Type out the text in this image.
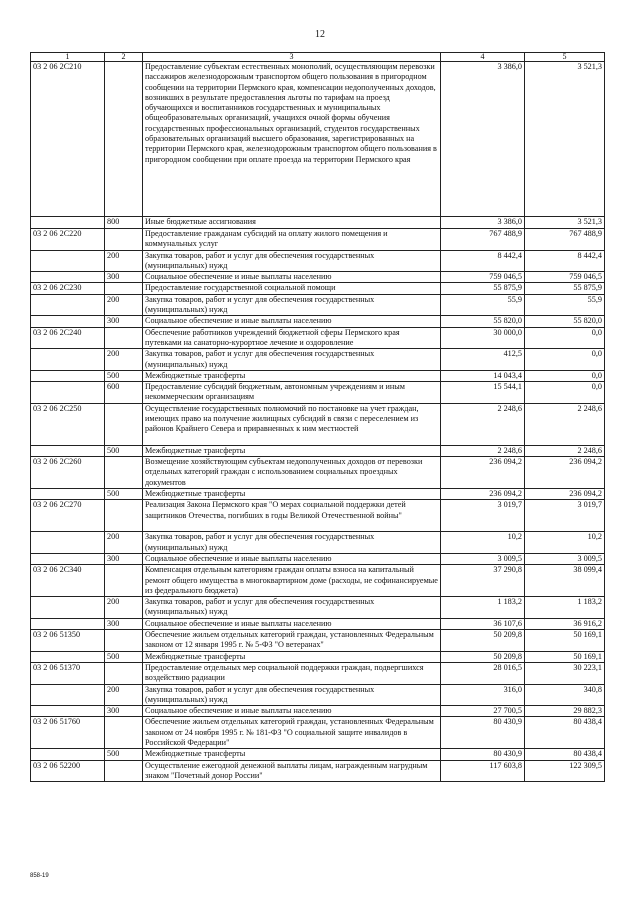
12
1	2	3	4	5
03 2 06 2С210		Предоставление субъектам естественных монополий, осуществляющим перевозки пассажиров железнодорожным транспортом общего пользования в пригородном сообщении на территории Пермского края, компенсации недополученных доходов, возникших в результате предоставления льготы по тарифам на проезд обучающихся и воспитанников государственных и муниципальных общеобразовательных организаций, учащихся очной формы обучения государственных профессиональных организаций, студентов государственных образовательных организаций высшего образования, зарегистрированных на территории Пермского края, железнодорожным транспортом общего пользования в пригородном сообщении при оплате проезда на территории Пермского края	3 386,0	3 521,3
	800	Иные бюджетные ассигнования	3 386,0	3 521,3
03 2 06 2С220		Предоставление гражданам субсидий на оплату жилого помещения и коммунальных услуг	767 488,9	767 488,9
	200	Закупка товаров, работ и услуг для обеспечения государственных (муниципальных) нужд	8 442,4	8 442,4
	300	Социальное обеспечение и иные выплаты населению	759 046,5	759 046,5
03 2 06 2С230		Предоставление государственной социальной помощи	55 875,9	55 875,9
	200	Закупка товаров, работ и услуг для обеспечения государственных (муниципальных) нужд	55,9	55,9
	300	Социальное обеспечение и иные выплаты населению	55 820,0	55 820,0
03 2 06 2С240		Обеспечение работников учреждений бюджетной сферы Пермского края путевками на санаторно-курортное лечение и оздоровление	30 000,0	0,0
	200	Закупка товаров, работ и услуг для обеспечения государственных (муниципальных) нужд	412,5	0,0
	500	Межбюджетные трансферты	14 043,4	0,0
	600	Предоставление субсидий бюджетным, автономным учреждениям и иным некоммерческим организациям	15 544,1	0,0
03 2 06 2С250		Осуществление государственных полномочий по постановке на учет граждан, имеющих право на получение жилищных субсидий в связи с переселением из районов Крайнего Севера и приравненных к ним местностей	2 248,6	2 248,6
	500	Межбюджетные трансферты	2 248,6	2 248,6
03 2 06 2С260		Возмещение хозяйствующим субъектам недополученных доходов от перевозки отдельных категорий граждан с использованием социальных проездных документов	236 094,2	236 094,2
	500	Межбюджетные трансферты	236 094,2	236 094,2
03 2 06 2С270		Реализация Закона Пермского края "О мерах социальной поддержки детей защитников Отечества, погибших в годы Великой Отечественной войны"	3 019,7	3 019,7
	200	Закупка товаров, работ и услуг для обеспечения государственных (муниципальных) нужд	10,2	10,2
	300	Социальное обеспечение и иные выплаты населению	3 009,5	3 009,5
03 2 06 2С340		Компенсация отдельным категориям граждан оплаты взноса на капитальный ремонт общего имущества в многоквартирном доме (расходы, не софинансируемые из федерального бюджета)	37 290,8	38 099,4
	200	Закупка товаров, работ и услуг для обеспечения государственных (муниципальных) нужд	1 183,2	1 183,2
	300	Социальное обеспечение и иные выплаты населению	36 107,6	36 916,2
03 2 06 51350		Обеспечение жильем отдельных категорий граждан, установленных Федеральным законом от 12 января 1995 г. № 5-ФЗ "О ветеранах"	50 209,8	50 169,1
	500	Межбюджетные трансферты	50 209,8	50 169,1
03 2 06 51370		Предоставление отдельных мер социальной поддержки граждан, подвергшихся воздействию радиации	28 016,5	30 223,1
	200	Закупка товаров, работ и услуг для обеспечения государственных (муниципальных) нужд	316,0	340,8
	300	Социальное обеспечение и иные выплаты населению	27 700,5	29 882,3
03 2 06 51760		Обеспечение жильем отдельных категорий граждан, установленных Федеральным законом от 24 ноября 1995 г. № 181-ФЗ "О социальной защите инвалидов в Российской Федерации"	80 430,9	80 438,4
	500	Межбюджетные трансферты	80 430,9	80 438,4
03 2 06 52200		Осуществление ежегодной денежной выплаты лицам, награжденным нагрудным знаком "Почетный донор России"	117 603,8	122 309,5
858-19
